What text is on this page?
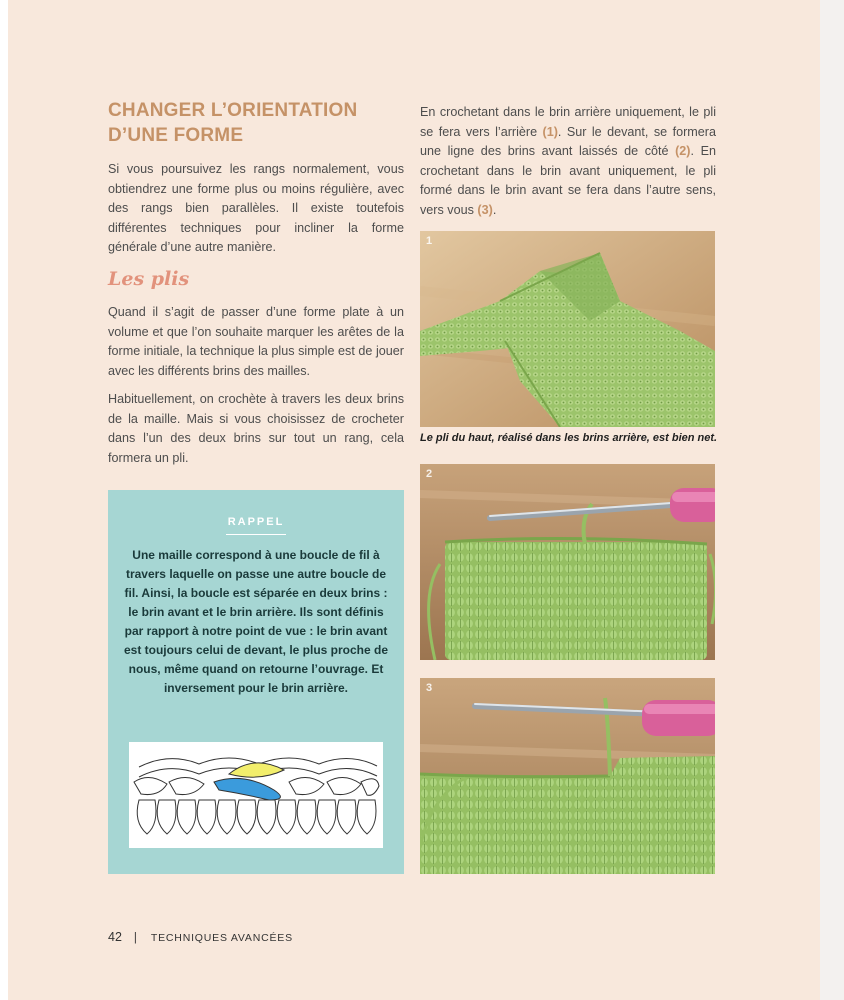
CHANGER L’ORIENTATION
D’UNE FORME

Si vous poursuivez les rangs normalement, vous obtiendrez une forme plus ou moins régulière, avec des rangs bien parallèles. Il existe toutefois différentes techniques pour incliner la forme générale d’une autre manière.

Les plis

Quand il s’agit de passer d’une forme plate à un volume et que l’on souhaite marquer les arêtes de la forme initiale, la technique la plus simple est de jouer avec les différents brins des mailles.

Habituellement, on crochète à travers les deux brins de la maille. Mais si vous choisissez de crocheter dans l’un des deux brins sur tout un rang, cela formera un pli.

En crochetant dans le brin arrière uniquement, le pli se fera vers l’arrière (1). Sur le devant, se formera une ligne des brins avant laissés de côté (2). En crochetant dans le brin avant uniquement, le pli formé dans le brin avant se fera dans l’autre sens, vers vous (3).

1

Le pli du haut, réalisé dans les brins arrière, est bien net.

2
3
RAPPEL

Une maille correspond à une boucle de fil à travers laquelle on passe une autre boucle de fil. Ainsi, la boucle est séparée en deux brins : le brin avant et le brin arrière. Ils sont définis par rapport à notre point de vue : le brin avant est toujours celui de devant, le plus proche de nous, même quand on retourne l’ouvrage. Et inversement pour le brin arrière.

42 | TECHNIQUES AVANCÉES
